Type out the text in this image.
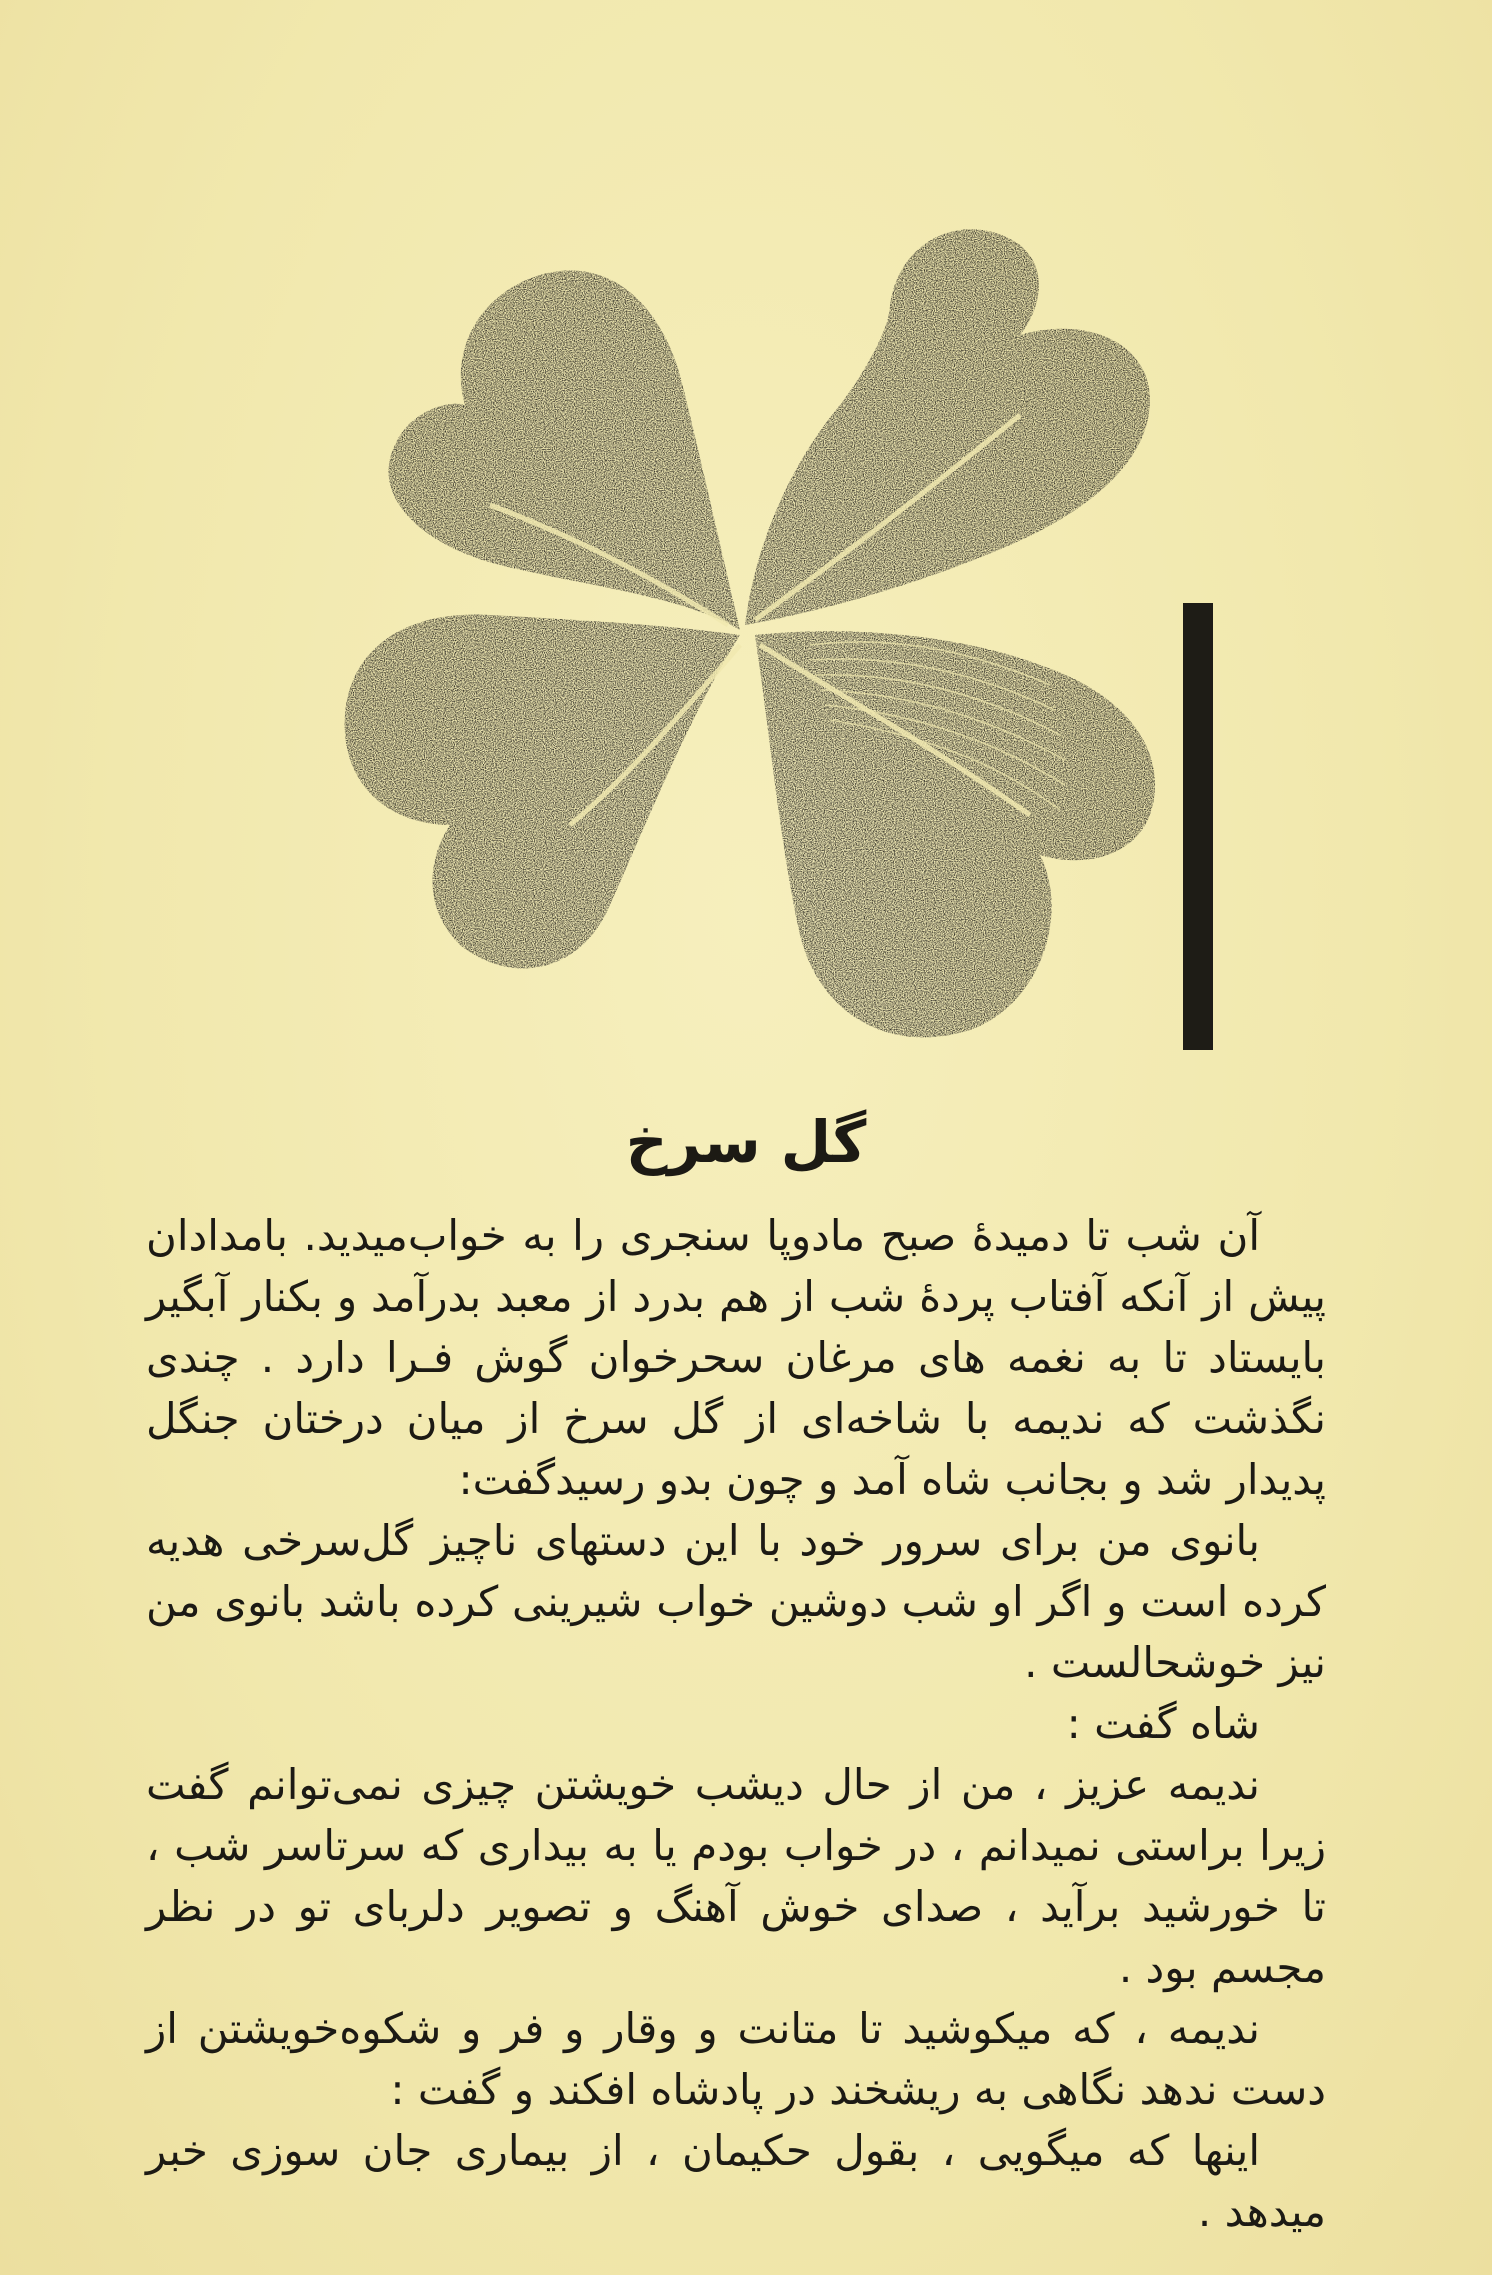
گل سرخ

آن شب تا دمیدهٔ صبح مادوپا سنجری را به خواب‌میدید. بامدادان پیش از آنکه آفتاب پردهٔ شب از هم بدرد از معبد بدرآمد و بکنار آبگیر بایستاد تا به نغمه های مرغان سحرخوان گوش فـرا دارد . چندی نگذشت که ندیمه با شاخه‌ای از گل سرخ از میان درختان جنگل پدیدار شد و بجانب شاه آمد و چون بدو رسیدگفت:

بانوی من برای سرور خود با این دستهای ناچیز گل‌سرخی هدیه کرده است و اگر او شب دوشین خواب شیرینی کرده باشد بانوی من نیز خوشحالست .

شاه گفت :

ندیمه عزیز ، من از حال دیشب خویشتن چیزی نمی‌توانم گفت زیرا براستی نمیدانم ، در خواب بودم یا به بیداری که سرتاسر شب ، تا خورشید برآید ، صدای خوش آهنگ و تصویر دلربای تو در نظر مجسم بود .

ندیمه ، که میکوشید تا متانت و وقار و فر و شکوه‌خویشتن از دست ندهد نگاهی به ریشخند در پادشاه افکند و گفت :

اینها که میگویی ، بقول حکیمان ، از بیماری جان سوزی خبر میدهد .
